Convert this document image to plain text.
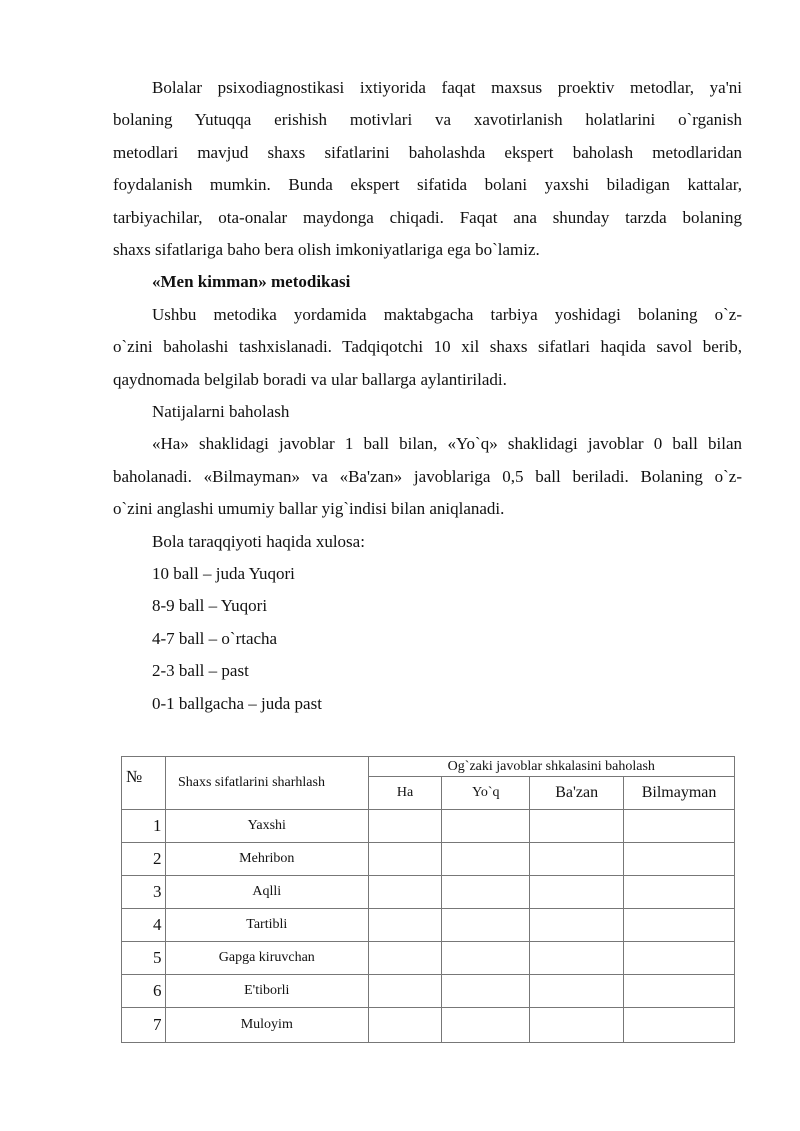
Bolalar psixodiagnostikasi ixtiyorida faqat maxsus proektiv metodlar, ya'ni
bolaning Yutuqqa erishish motivlari va xavotirlanish holatlarini o`rganish
metodlari mavjud shaxs sifatlarini baholashda ekspert baholash metodlaridan
foydalanish mumkin. Bunda ekspert sifatida bolani yaxshi biladigan kattalar,
tarbiyachilar, ota-onalar maydonga chiqadi. Faqat ana shunday tarzda bolaning
shaxs sifatlariga baho bera olish imkoniyatlariga ega bo`lamiz.
«Men kimman» metodikasi
Ushbu metodika yordamida maktabgacha tarbiya yoshidagi bolaning o`z-
o`zini baholashi tashxislanadi. Tadqiqotchi 10 xil shaxs sifatlari haqida savol berib,
qaydnomada belgilab boradi va ular ballarga aylantiriladi.
Natijalarni baholash
«Ha» shaklidagi javoblar 1 ball bilan, «Yo`q» shaklidagi javoblar 0 ball bilan
baholanadi. «Bilmayman» va «Ba'zan» javoblariga 0,5 ball beriladi. Bolaning o`z-
o`zini anglashi umumiy ballar yig`indisi bilan aniqlanadi.
Bola taraqqiyoti haqida xulosa:
10 ball – juda Yuqori
8-9 ball – Yuqori
4-7 ball – o`rtacha
2-3 ball – past
0-1 ballgacha – juda past
№	Shaxs sifatlarini sharhlash	Og`zaki javoblar shkalasini baholash			
		Ha	Yo`q	Ba'zan	Bilmayman
1	Yaxshi				
2	Mehribon				
3	Aqlli				
4	Tartibli				
5	Gapga kiruvchan				
6	E'tiborli				
7	Muloyim				
